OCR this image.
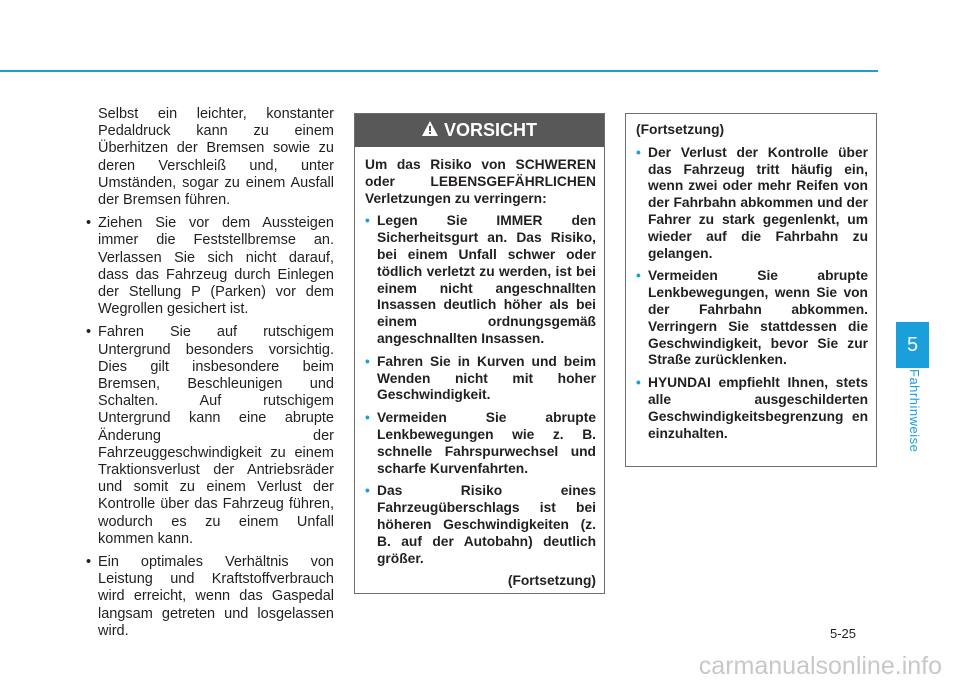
Selbst ein leichter, konstanter Pedaldruck kann zu einem Überhitzen der Bremsen sowie zu deren Verschleiß und, unter Umständen, sogar zu einem Ausfall der Bremsen führen.

• Ziehen Sie vor dem Aussteigen immer die Feststellbremse an. Verlassen Sie sich nicht darauf, dass das Fahrzeug durch Einlegen der Stellung P (Parken) vor dem Wegrollen gesichert ist.
• Fahren Sie auf rutschigem Untergrund besonders vorsichtig. Dies gilt insbesondere beim Bremsen, Beschleunigen und Schalten. Auf rutschigem Untergrund kann eine abrupte Änderung der Fahrzeuggeschwindigkeit zu einem Traktionsverlust der Antriebsräder und somit zu einem Verlust der Kontrolle über das Fahrzeug führen, wodurch es zu einem Unfall kommen kann.
• Ein optimales Verhältnis von Leistung und Kraftstoffverbrauch wird erreicht, wenn das Gaspedal langsam getreten und losgelassen wird.
VORSICHT

Um das Risiko von SCHWEREN oder LEBENSGEFÄHRLICHEN Verletzungen zu verringern:

• Legen Sie IMMER den Sicherheitsgurt an. Das Risiko, bei einem Unfall schwer oder tödlich verletzt zu werden, ist bei einem nicht angeschnallten Insassen deutlich höher als bei einem ordnungsgemäß angeschnallten Insassen.
• Fahren Sie in Kurven und beim Wenden nicht mit hoher Geschwindigkeit.
• Vermeiden Sie abrupte Lenkbewegungen wie z. B. schnelle Fahrspurwechsel und scharfe Kurvenfahrten.
• Das Risiko eines Fahrzeugüberschlags ist bei höheren Geschwindigkeiten (z. B. auf der Autobahn) deutlich größer.

(Fortsetzung)

(Fortsetzung)

• Der Verlust der Kontrolle über das Fahrzeug tritt häufig ein, wenn zwei oder mehr Reifen von der Fahrbahn abkommen und der Fahrer zu stark gegenlenkt, um wieder auf die Fahrbahn zu gelangen.
• Vermeiden Sie abrupte Lenkbewegungen, wenn Sie von der Fahrbahn abkommen. Verringern Sie stattdessen die Geschwindigkeit, bevor Sie zur Straße zurücklenken.
• HYUNDAI empfiehlt Ihnen, stets alle ausgeschilderten Geschwindigkeitsbegrenzung en einzuhalten.
5
Fahrhinweise
5-25
carmanualsonline.info
